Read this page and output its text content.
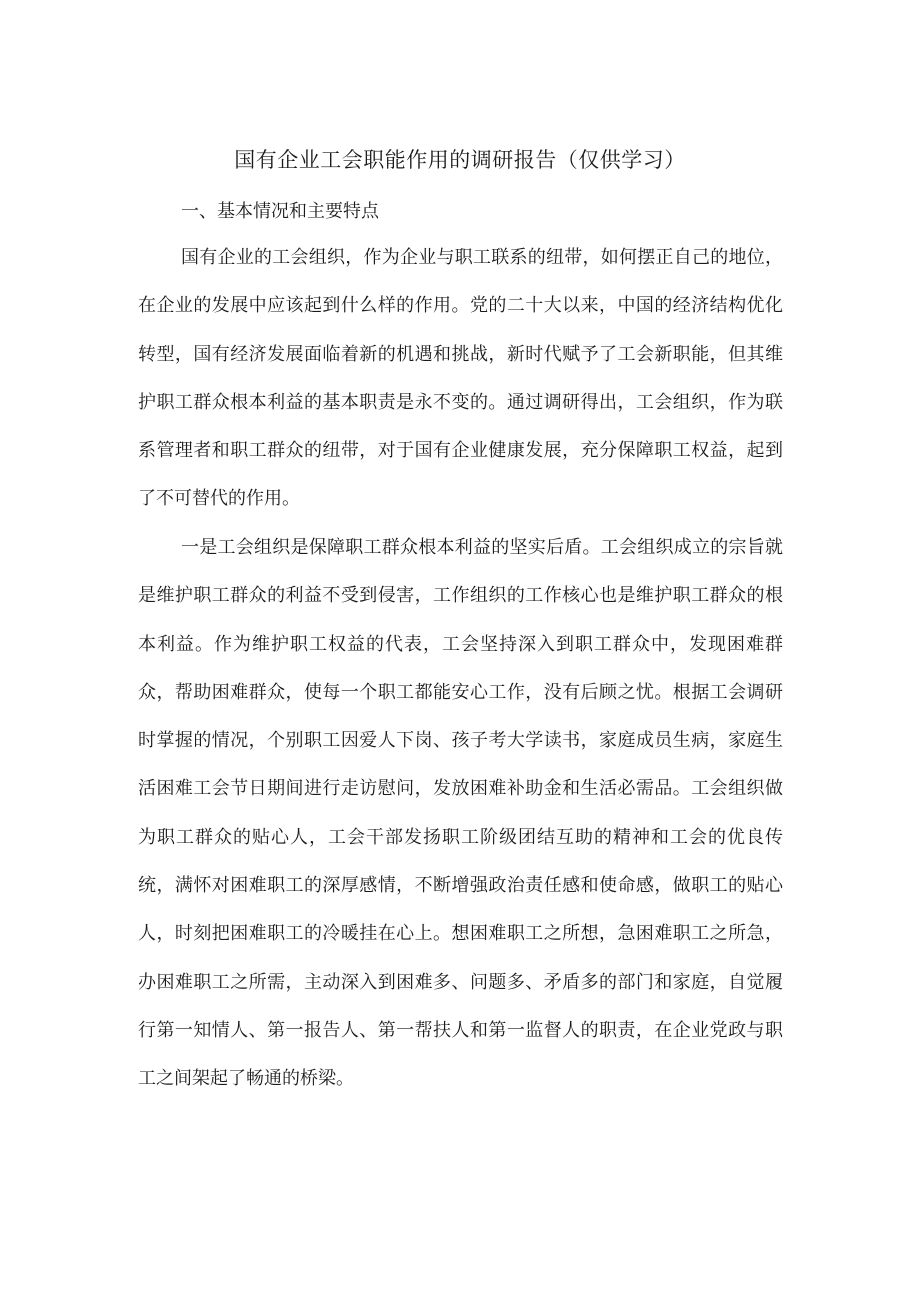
国有企业工会职能作用的调研报告（仅供学习）
一、基本情况和主要特点

国有企业的工会组织，作为企业与职工联系的纽带，如何摆正自己的地位，在企业的发展中应该起到什么样的作用。党的二十大以来，中国的经济结构优化转型，国有经济发展面临着新的机遇和挑战，新时代赋予了工会新职能，但其维护职工群众根本利益的基本职责是永不变的。通过调研得出，工会组织，作为联系管理者和职工群众的纽带，对于国有企业健康发展，充分保障职工权益，起到了不可替代的作用。

一是工会组织是保障职工群众根本利益的坚实后盾。工会组织成立的宗旨就是维护职工群众的利益不受到侵害，工作组织的工作核心也是维护职工群众的根本利益。作为维护职工权益的代表，工会坚持深入到职工群众中，发现困难群众，帮助困难群众，使每一个职工都能安心工作，没有后顾之忧。根据工会调研时掌握的情况，个别职工因爱人下岗、孩子考大学读书，家庭成员生病，家庭生活困难工会节日期间进行走访慰问，发放困难补助金和生活必需品。工会组织做为职工群众的贴心人，工会干部发扬职工阶级团结互助的精神和工会的优良传统，满怀对困难职工的深厚感情，不断增强政治责任感和使命感，做职工的贴心人，时刻把困难职工的冷暖挂在心上。想困难职工之所想，急困难职工之所急，办困难职工之所需，主动深入到困难多、问题多、矛盾多的部门和家庭，自觉履行第一知情人、第一报告人、第一帮扶人和第一监督人的职责，在企业党政与职工之间架起了畅通的桥梁。
